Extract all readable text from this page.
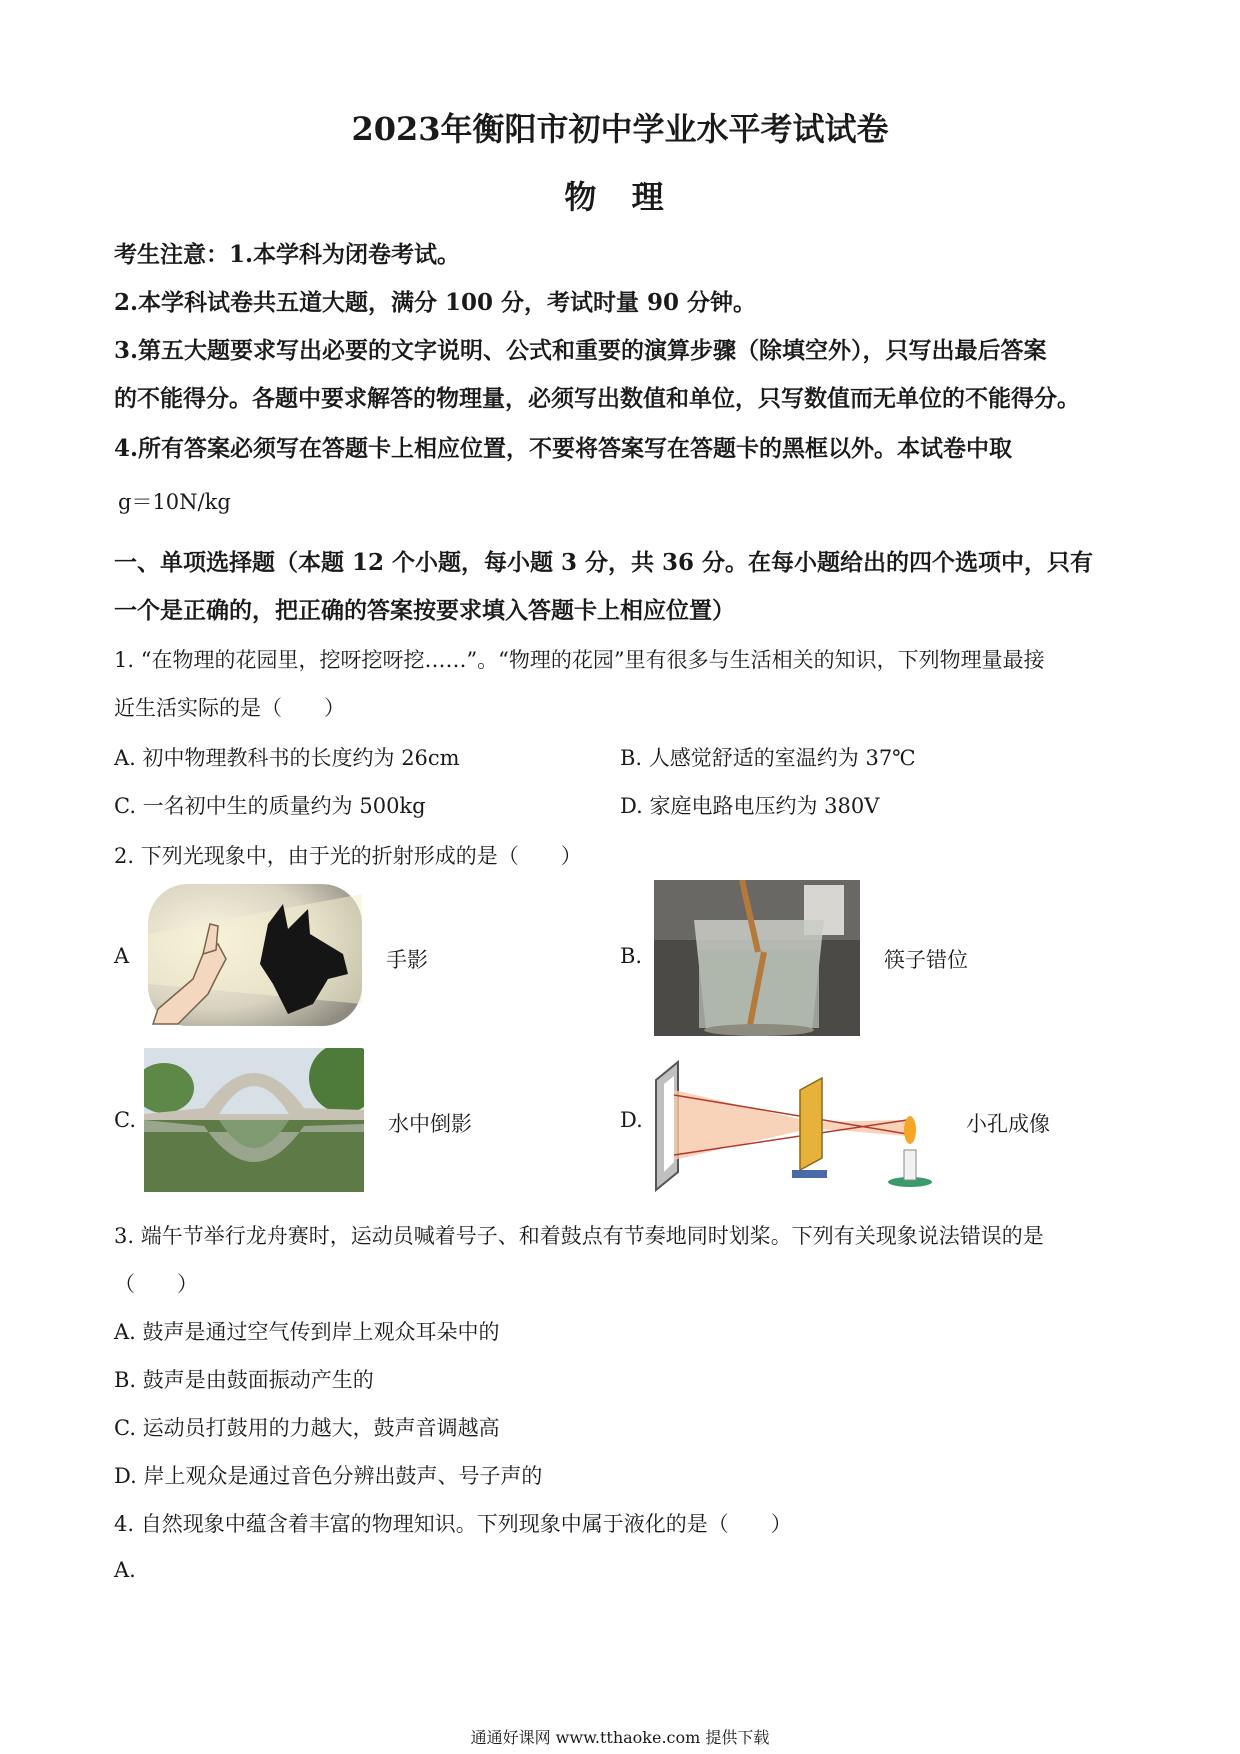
2023年衡阳市初中学业水平考试试卷
物 理
考生注意：1.本学科为闭卷考试。
2.本学科试卷共五道大题，满分 100 分，考试时量 90 分钟。
3.第五大题要求写出必要的文字说明、公式和重要的演算步骤（除填空外），只写出最后答案
的不能得分。各题中要求解答的物理量，必须写出数值和单位，只写数值而无单位的不能得分。
4.所有答案必须写在答题卡上相应位置，不要将答案写在答题卡的黑框以外。本试卷中取
g＝10N/kg
一、单项选择题（本题 12 个小题，每小题 3 分，共 36 分。在每小题给出的四个选项中，只有
一个是正确的，把正确的答案按要求填入答题卡上相应位置）
1. “在物理的花园里，挖呀挖呀挖……”。“物理的花园”里有很多与生活相关的知识，下列物理量最接
近生活实际的是（　　）
A. 初中物理教科书的长度约为 26cm	B. 人感觉舒适的室温约为 37℃
C. 一名初中生的质量约为 500kg	D. 家庭电路电压约为 380V
2. 下列光现象中，由于光的折射形成的是（　　）
A	手影	B.	筷子错位
C.	水中倒影	D.	小孔成像
3. 端午节举行龙舟赛时，运动员喊着号子、和着鼓点有节奏地同时划桨。下列有关现象说法错误的是
（　　）
A. 鼓声是通过空气传到岸上观众耳朵中的
B. 鼓声是由鼓面振动产生的
C. 运动员打鼓用的力越大，鼓声音调越高
D. 岸上观众是通过音色分辨出鼓声、号子声的
4. 自然现象中蕴含着丰富的物理知识。下列现象中属于液化的是（　　）
A.
通通好课网 www.tthaoke.com 提供下载
